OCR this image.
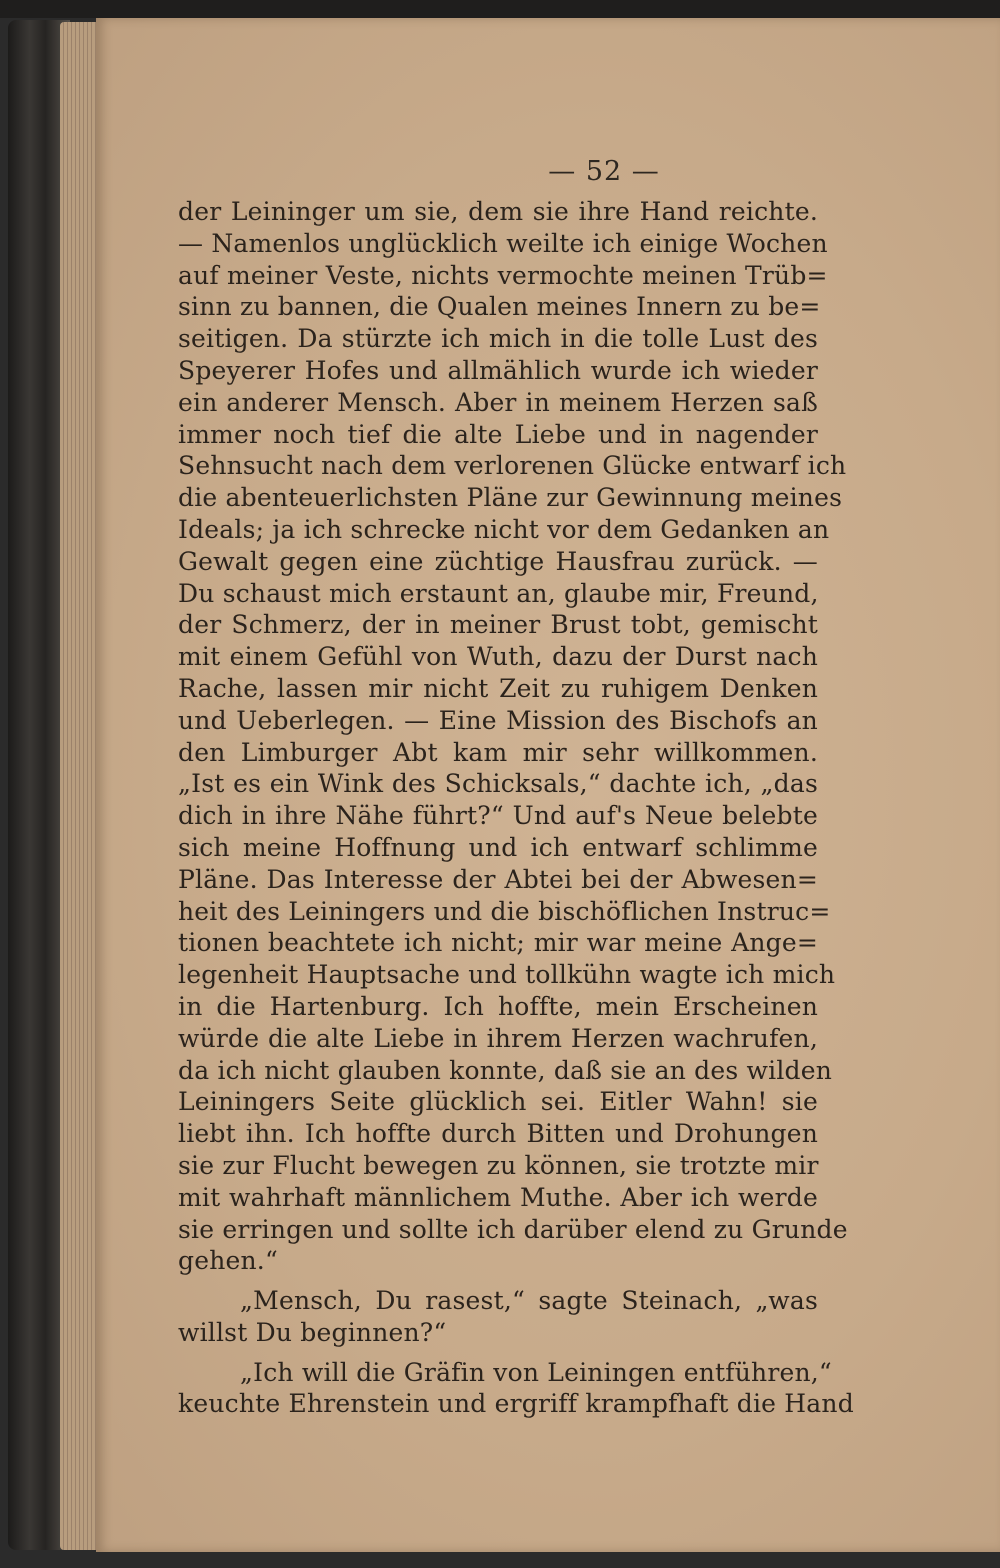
— 52 —
der Leininger um sie, dem sie ihre Hand reichte.
— Namenlos unglücklich weilte ich einige Wochen
auf meiner Veste, nichts vermochte meinen Trüb=
sinn zu bannen, die Qualen meines Innern zu be=
seitigen. Da stürzte ich mich in die tolle Lust des
Speyerer Hofes und allmählich wurde ich wieder
ein anderer Mensch. Aber in meinem Herzen saß
immer noch tief die alte Liebe und in nagender
Sehnsucht nach dem verlorenen Glücke entwarf ich
die abenteuerlichsten Pläne zur Gewinnung meines
Ideals; ja ich schrecke nicht vor dem Gedanken an
Gewalt gegen eine züchtige Hausfrau zurück. —
Du schaust mich erstaunt an, glaube mir, Freund,
der Schmerz, der in meiner Brust tobt, gemischt
mit einem Gefühl von Wuth, dazu der Durst nach
Rache, lassen mir nicht Zeit zu ruhigem Denken
und Ueberlegen. — Eine Mission des Bischofs an
den Limburger Abt kam mir sehr willkommen.
„Ist es ein Wink des Schicksals,“ dachte ich, „das
dich in ihre Nähe führt?“ Und auf's Neue belebte
sich meine Hoffnung und ich entwarf schlimme
Pläne. Das Interesse der Abtei bei der Abwesen=
heit des Leiningers und die bischöflichen Instruc=
tionen beachtete ich nicht; mir war meine Ange=
legenheit Hauptsache und tollkühn wagte ich mich
in die Hartenburg. Ich hoffte, mein Erscheinen
würde die alte Liebe in ihrem Herzen wachrufen,
da ich nicht glauben konnte, daß sie an des wilden
Leiningers Seite glücklich sei. Eitler Wahn! sie
liebt ihn. Ich hoffte durch Bitten und Drohungen
sie zur Flucht bewegen zu können, sie trotzte mir
mit wahrhaft männlichem Muthe. Aber ich werde
sie erringen und sollte ich darüber elend zu Grunde
gehen.“
„Mensch, Du rasest,“ sagte Steinach, „was
willst Du beginnen?“
„Ich will die Gräfin von Leiningen entführen,“
keuchte Ehrenstein und ergriff krampfhaft die Hand
